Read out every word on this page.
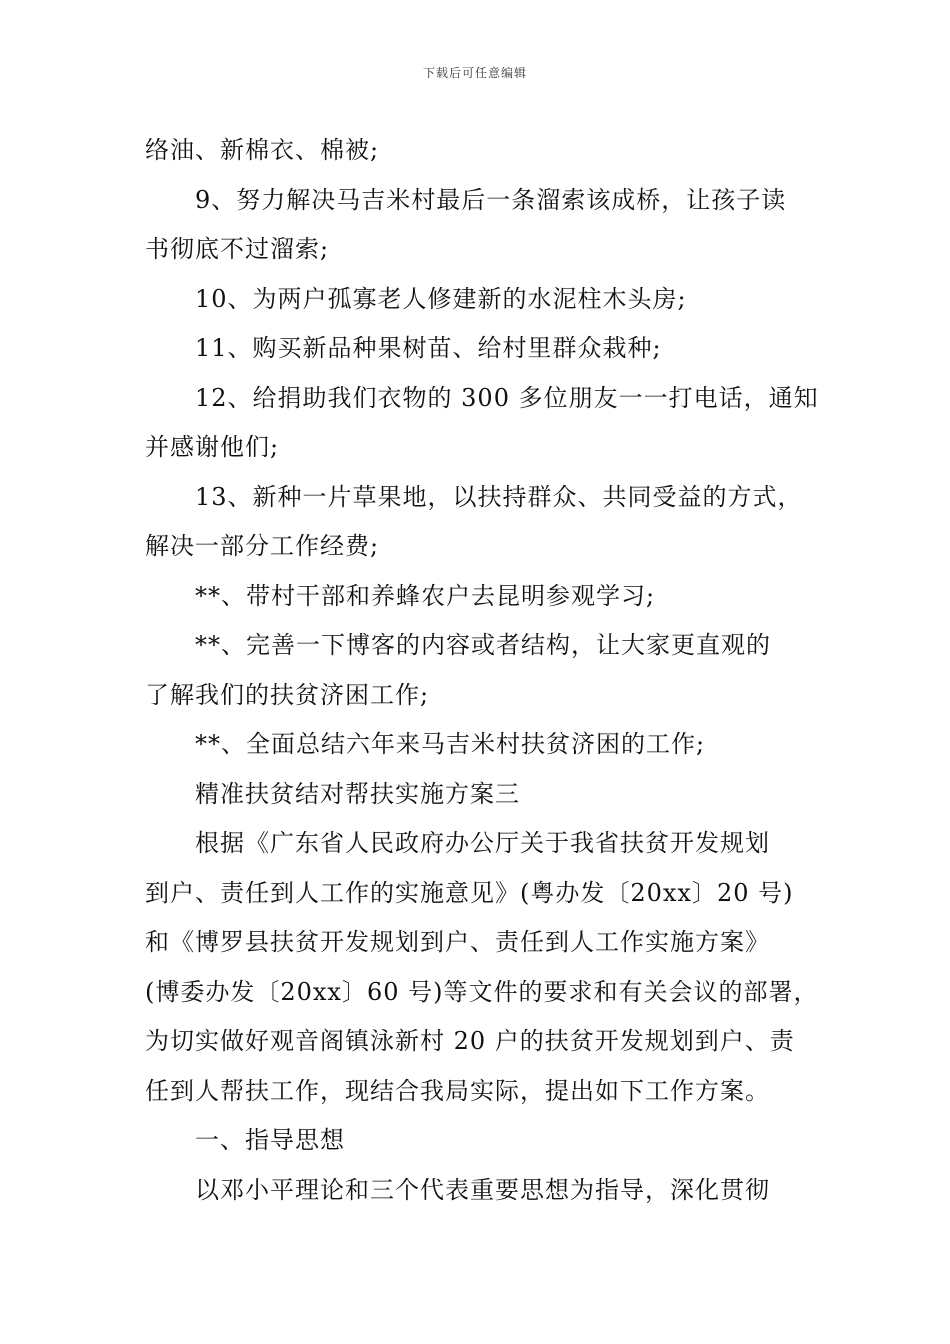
下载后可任意编辑
络油、新棉衣、棉被;
9、努力解决马吉米村最后一条溜索该成桥，让孩子读
书彻底不过溜索;
10、为两户孤寡老人修建新的水泥柱木头房;
11、购买新品种果树苗、给村里群众栽种;
12、给捐助我们衣物的 300 多位朋友一一打电话，通知
并感谢他们;
13、新种一片草果地，以扶持群众、共同受益的方式，
解决一部分工作经费;
**、带村干部和养蜂农户去昆明参观学习;
**、完善一下博客的内容或者结构，让大家更直观的
了解我们的扶贫济困工作;
**、全面总结六年来马吉米村扶贫济困的工作;
精准扶贫结对帮扶实施方案三
根据《广东省人民政府办公厅关于我省扶贫开发规划
到户、责任到人工作的实施意见》(粤办发〔20xx〕20 号)
和《博罗县扶贫开发规划到户、责任到人工作实施方案》
(博委办发〔20xx〕60 号)等文件的要求和有关会议的部署，
为切实做好观音阁镇泳新村 20 户的扶贫开发规划到户、责
任到人帮扶工作，现结合我局实际，提出如下工作方案。
一、指导思想
以邓小平理论和三个代表重要思想为指导，深化贯彻
